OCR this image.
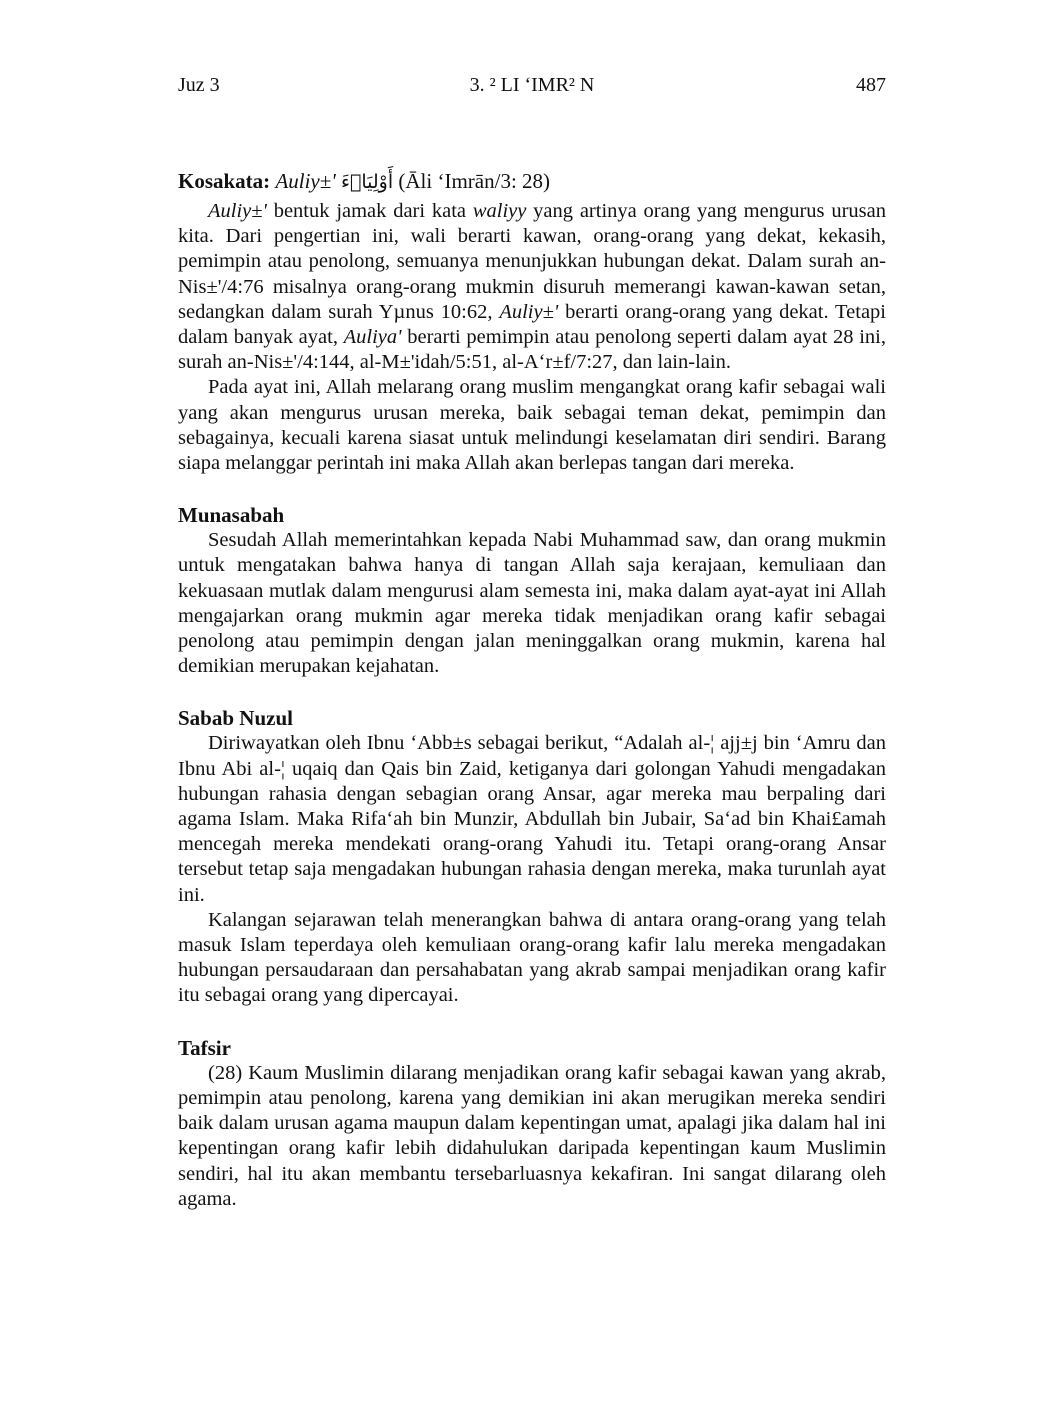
Juz 3	3. ² LI ‘IMR² N	487
Kosakata: Auliy±' أَوْلِيَاۤءَ (Āli ‘Imrān/3: 28)

Auliy±' bentuk jamak dari kata waliyy yang artinya orang yang mengurus urusan kita. Dari pengertian ini, wali berarti kawan, orang-orang yang dekat, kekasih, pemimpin atau penolong, semuanya menunjukkan hubungan dekat. Dalam surah an-Nis±'/4:76 misalnya orang-orang mukmin disuruh memerangi kawan-kawan setan, sedangkan dalam surah Yµnus 10:62, Auliy±' berarti orang-orang yang dekat. Tetapi dalam banyak ayat, Auliya' berarti pemimpin atau penolong seperti dalam ayat 28 ini, surah an-Nis±'/4:144, al-M±'idah/5:51, al-A‘r±f/7:27, dan lain-lain.

Pada ayat ini, Allah melarang orang muslim mengangkat orang kafir sebagai wali yang akan mengurus urusan mereka, baik sebagai teman dekat, pemimpin dan sebagainya, kecuali karena siasat untuk melindungi keselamatan diri sendiri. Barang siapa melanggar perintah ini maka Allah akan berlepas tangan dari mereka.

Munasabah

Sesudah Allah memerintahkan kepada Nabi Muhammad saw, dan orang mukmin untuk mengatakan bahwa hanya di tangan Allah saja kerajaan, kemuliaan dan kekuasaan mutlak dalam mengurusi alam semesta ini, maka dalam ayat-ayat ini Allah mengajarkan orang mukmin agar mereka tidak menjadikan orang kafir sebagai penolong atau pemimpin dengan jalan meninggalkan orang mukmin, karena hal demikian merupakan kejahatan.

Sabab Nuzul

Diriwayatkan oleh Ibnu ‘Abb±s sebagai berikut, “Adalah al-¦ ajj±j bin ‘Amru dan Ibnu Abi al-¦ uqaiq dan Qais bin Zaid, ketiganya dari golongan Yahudi mengadakan hubungan rahasia dengan sebagian orang Ansar, agar mereka mau berpaling dari agama Islam. Maka Rifa‘ah bin Munzir, Abdullah bin Jubair, Sa‘ad bin Khai£amah mencegah mereka mendekati orang-orang Yahudi itu. Tetapi orang-orang Ansar tersebut tetap saja mengadakan hubungan rahasia dengan mereka, maka turunlah ayat ini.

Kalangan sejarawan telah menerangkan bahwa di antara orang-orang yang telah masuk Islam teperdaya oleh kemuliaan orang-orang kafir lalu mereka mengadakan hubungan persaudaraan dan persahabatan yang akrab sampai menjadikan orang kafir itu sebagai orang yang dipercayai.

Tafsir

(28) Kaum Muslimin dilarang menjadikan orang kafir sebagai kawan yang akrab, pemimpin atau penolong, karena yang demikian ini akan merugikan mereka sendiri baik dalam urusan agama maupun dalam kepentingan umat, apalagi jika dalam hal ini kepentingan orang kafir lebih didahulukan daripada kepentingan kaum Muslimin sendiri, hal itu akan membantu tersebarluasnya kekafiran. Ini sangat dilarang oleh agama.
